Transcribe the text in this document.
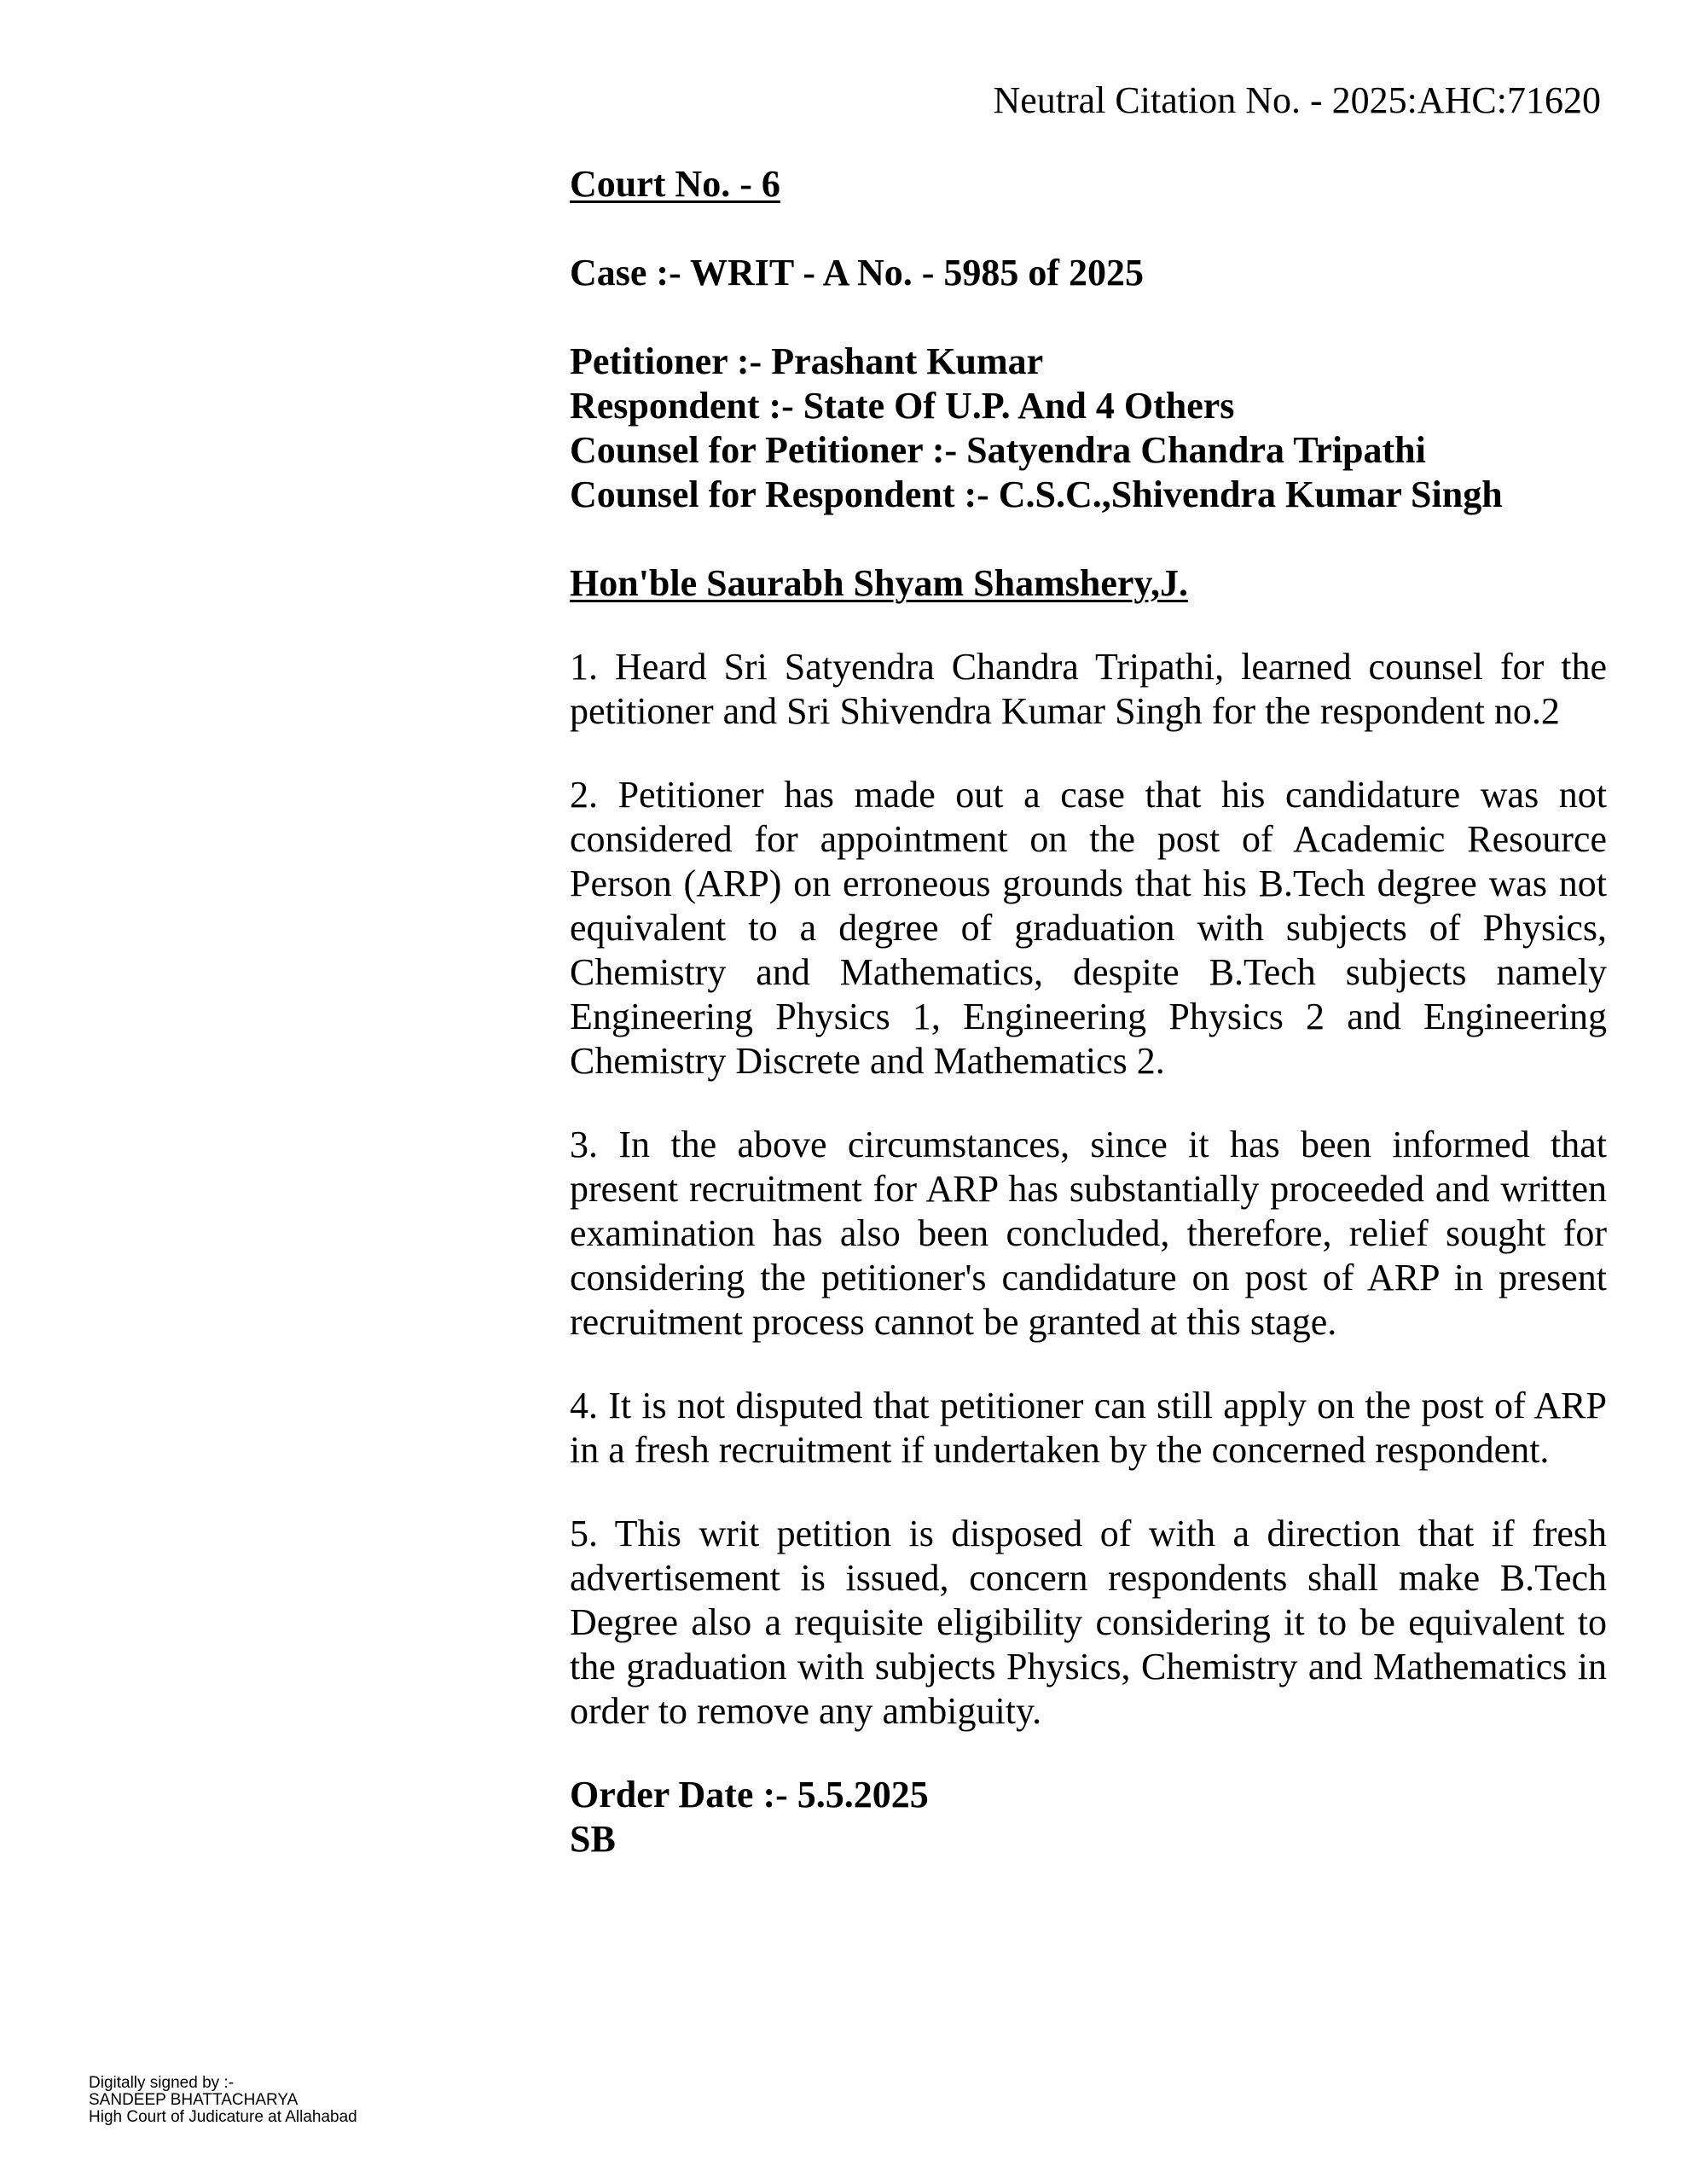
Neutral Citation No. - 2025:AHC:71620
Court No. - 6
Case :- WRIT - A No. - 5985 of 2025
Petitioner :- Prashant Kumar
Respondent :- State Of U.P. And 4 Others
Counsel for Petitioner :- Satyendra Chandra Tripathi
Counsel for Respondent :- C.S.C.,Shivendra Kumar Singh
Hon'ble Saurabh Shyam Shamshery,J.

1. Heard Sri Satyendra Chandra Tripathi, learned counsel for the petitioner and Sri Shivendra Kumar Singh for the respondent no.2

2. Petitioner has made out a case that his candidature was not considered for appointment on the post of Academic Resource Person (ARP) on erroneous grounds that his B.Tech degree was not equivalent to a degree of graduation with subjects of Physics, Chemistry and Mathematics, despite B.Tech subjects namely Engineering Physics 1, Engineering Physics 2 and Engineering Chemistry Discrete and Mathematics 2.

3. In the above circumstances, since it has been informed that present recruitment for ARP has substantially proceeded and written examination has also been concluded, therefore, relief sought for considering the petitioner's candidature on post of ARP in present recruitment process cannot be granted at this stage.

4. It is not disputed that petitioner can still apply on the post of ARP in a fresh recruitment if undertaken by the concerned respondent.

5. This writ petition is disposed of with a direction that if fresh advertisement is issued, concern respondents shall make B.Tech Degree also a requisite eligibility considering it to be equivalent to the graduation with subjects Physics, Chemistry and Mathematics in order to remove any ambiguity.

Order Date :- 5.5.2025
SB
Digitally signed by :-
SANDEEP BHATTACHARYA
High Court of Judicature at Allahabad
